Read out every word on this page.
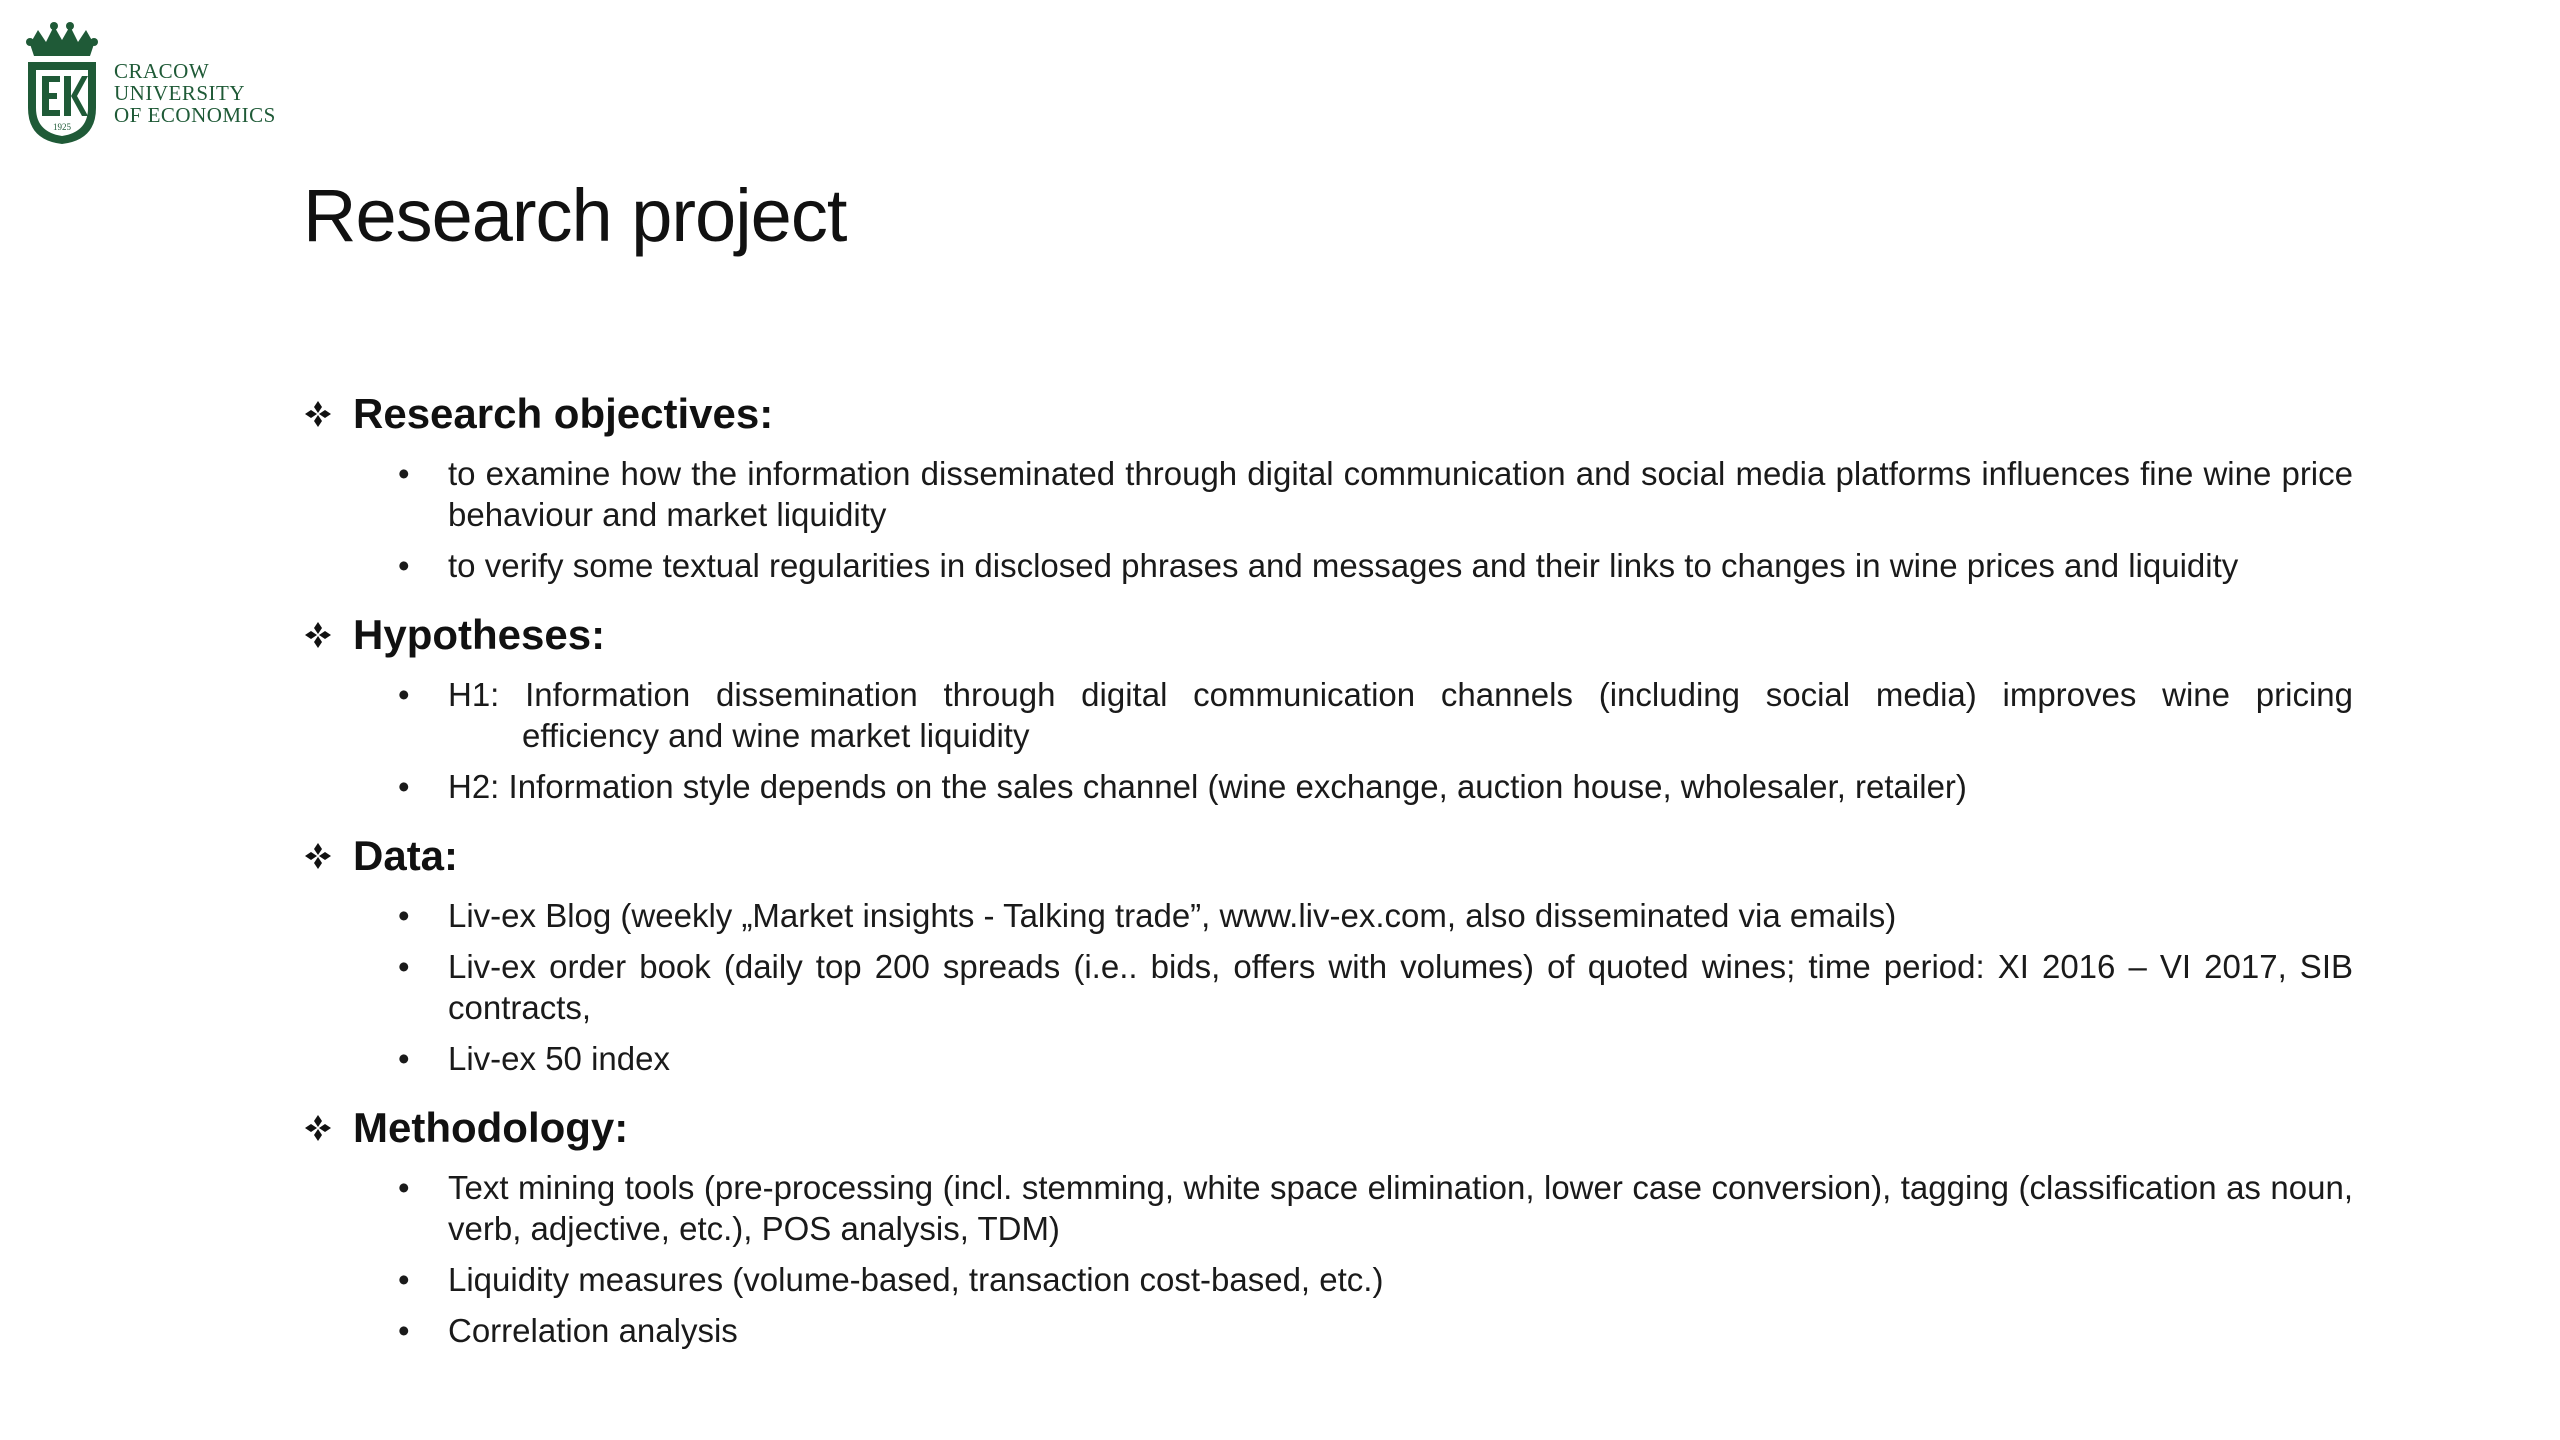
1925
CRACOW
UNIVERSITY
OF ECONOMICS
Research project
Research objectives:
• to examine how the information disseminated through digital communication and social media platforms influences fine wine price behaviour and market liquidity
• to verify some textual regularities in disclosed phrases and messages and their links to changes in wine prices and liquidity
Hypotheses:
• H1: Information dissemination through digital communication channels (including social media) improves wine pricing
efficiency and wine market liquidity
• H2: Information style depends on the sales channel (wine exchange, auction house, wholesaler, retailer)
Data:
• Liv-ex Blog (weekly „Market insights - Talking trade”, www.liv-ex.com, also disseminated via emails)
• Liv-ex order book (daily top 200 spreads (i.e.. bids, offers with volumes) of quoted wines; time period: XI 2016 – VI 2017, SIB contracts,
• Liv-ex 50 index
Methodology:
• Text mining tools (pre-processing (incl. stemming, white space elimination, lower case conversion), tagging (classification as noun, verb, adjective, etc.), POS analysis, TDM)
• Liquidity measures (volume-based, transaction cost-based, etc.)
• Correlation analysis
